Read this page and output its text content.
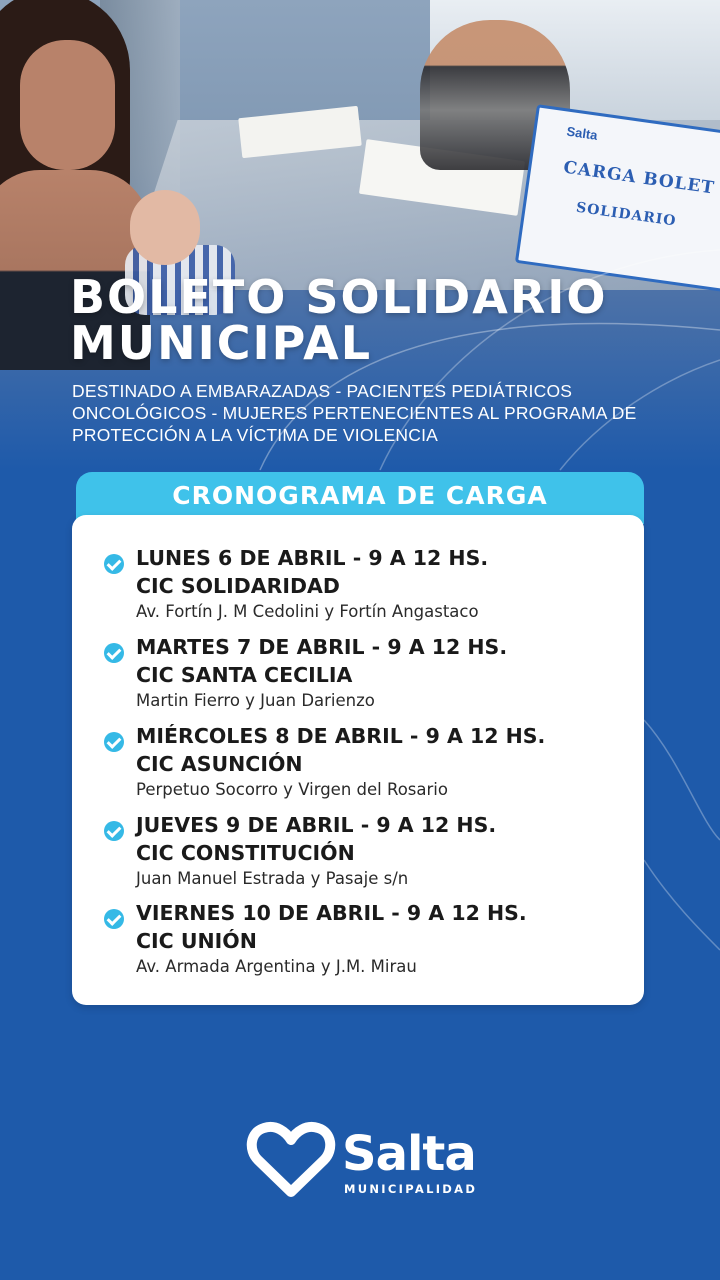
Salta
CARGA BOLET
SOLIDARIO
BOLETO SOLIDARIO
MUNICIPAL
DESTINADO A EMBARAZADAS - PACIENTES PEDIÁTRICOS
ONCOLÓGICOS - MUJERES PERTENECIENTES AL PROGRAMA DE
PROTECCIÓN A LA VÍCTIMA DE VIOLENCIA
CRONOGRAMA DE CARGA
LUNES 6 DE ABRIL - 9 A 12 HS.
CIC SOLIDARIDAD
Av. Fortín J. M Cedolini y Fortín Angastaco
MARTES 7 DE ABRIL - 9 A 12 HS.
CIC SANTA CECILIA
Martin Fierro y Juan Darienzo
MIÉRCOLES 8 DE ABRIL - 9 A 12 HS.
CIC ASUNCIÓN
Perpetuo Socorro y Virgen del Rosario
JUEVES 9 DE ABRIL - 9 A 12 HS.
CIC CONSTITUCIÓN
Juan Manuel Estrada y Pasaje s/n
VIERNES 10 DE ABRIL - 9 A 12 HS.
CIC UNIÓN
Av. Armada Argentina y J.M. Mirau
Salta
MUNICIPALIDAD
